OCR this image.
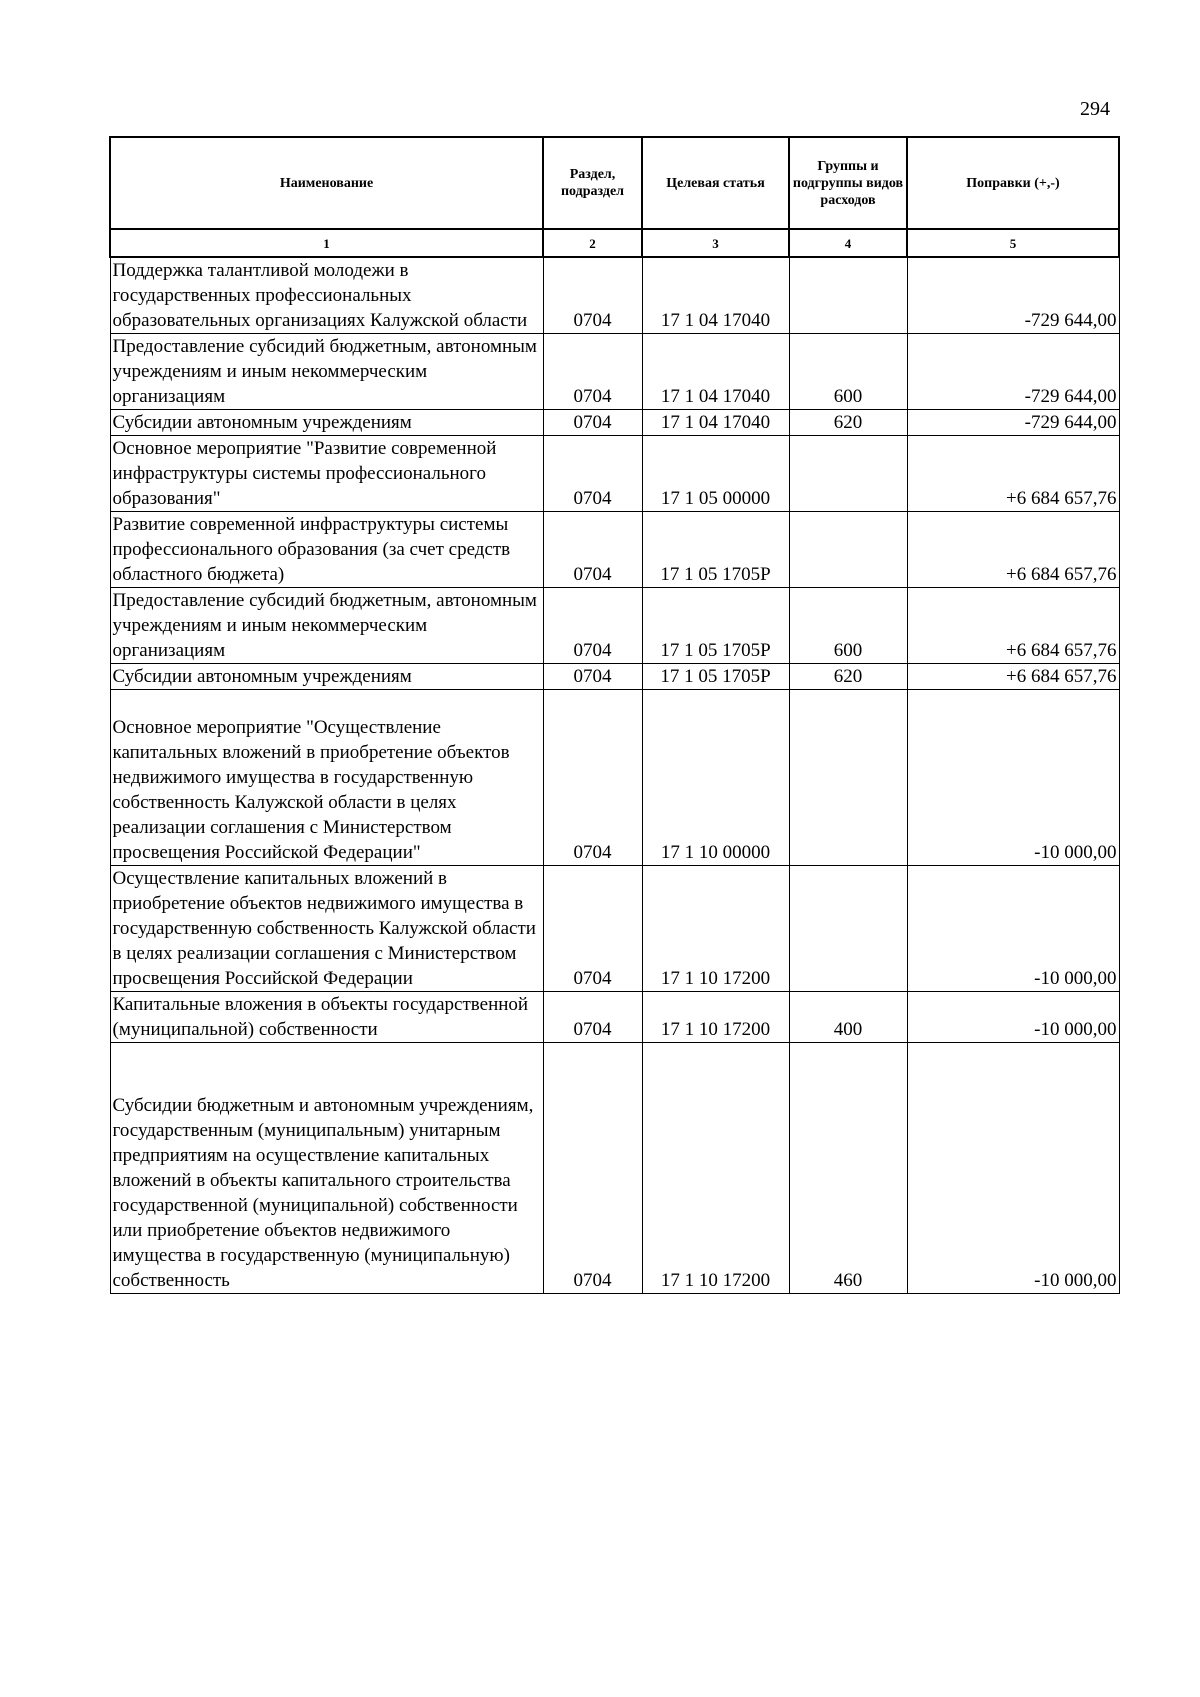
294
Наименование	Раздел, подраздел	Целевая статья	Группы и подгруппы видов расходов	Поправки (+,-)
1	2	3	4	5
Поддержка талантливой молодежи в государственных профессиональных образовательных организациях Калужской области	0704	17 1 04 17040		-729 644,00
Предоставление субсидий бюджетным, автономным учреждениям и иным некоммерческим организациям	0704	17 1 04 17040	600	-729 644,00
Субсидии автономным учреждениям	0704	17 1 04 17040	620	-729 644,00
Основное мероприятие "Развитие современной инфраструктуры системы профессионального образования"	0704	17 1 05 00000		+6 684 657,76
Развитие современной инфраструктуры системы профессионального образования (за счет средств областного бюджета)	0704	17 1 05 1705Р		+6 684 657,76
Предоставление субсидий бюджетным, автономным учреждениям и иным некоммерческим организациям	0704	17 1 05 1705Р	600	+6 684 657,76
Субсидии автономным учреждениям	0704	17 1 05 1705Р	620	+6 684 657,76
Основное мероприятие "Осуществление капитальных вложений в приобретение объектов недвижимого имущества в государственную собственность Калужской области в целях реализации соглашения с Министерством просвещения Российской Федерации"	0704	17 1 10 00000		-10 000,00
Осуществление капитальных вложений в приобретение объектов недвижимого имущества в государственную собственность Калужской области в целях реализации соглашения с Министерством просвещения Российской Федерации	0704	17 1 10 17200		-10 000,00
Капитальные вложения в объекты государственной (муниципальной) собственности	0704	17 1 10 17200	400	-10 000,00
Субсидии бюджетным и автономным учреждениям, государственным (муниципальным) унитарным предприятиям на осуществление капитальных вложений в объекты капитального строительства государственной (муниципальной) собственности или приобретение объектов недвижимого имущества в государственную (муниципальную) собственность	0704	17 1 10 17200	460	-10 000,00
